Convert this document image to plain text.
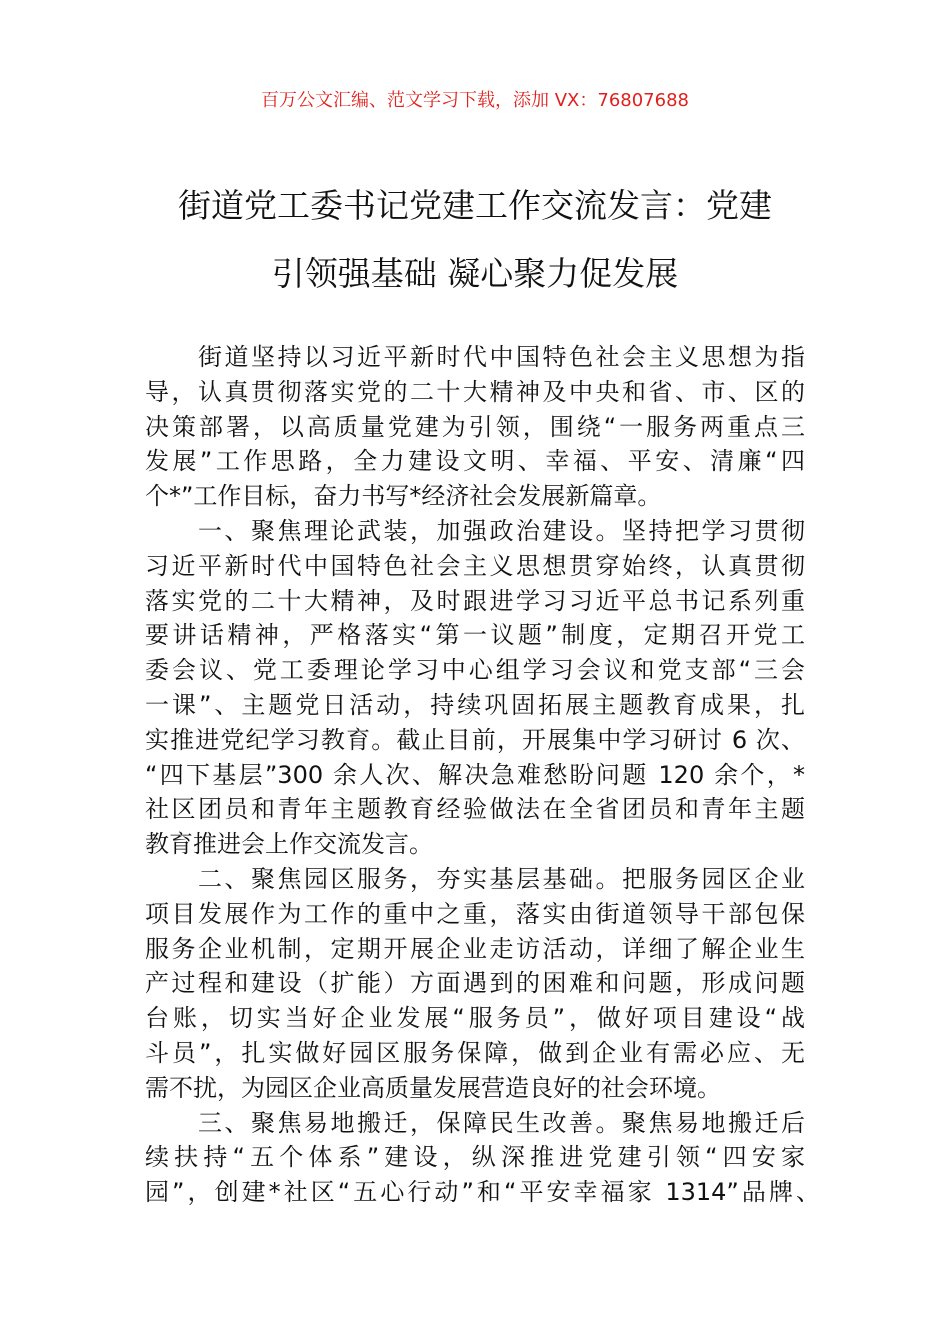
百万公文汇编、范文学习下载，添加 VX：76807688
街道党工委书记党建工作交流发言：党建
引领强基础 凝心聚力促发展
　　街道坚持以习近平新时代中国特色社会主义思想为指
导，认真贯彻落实党的二十大精神及中央和省、市、区的
决策部署，以高质量党建为引领，围绕“一服务两重点三
发展”工作思路，全力建设文明、幸福、平安、清廉“四
个*”工作目标，奋力书写*经济社会发展新篇章。
　　一、聚焦理论武装，加强政治建设。坚持把学习贯彻
习近平新时代中国特色社会主义思想贯穿始终，认真贯彻
落实党的二十大精神，及时跟进学习习近平总书记系列重
要讲话精神，严格落实“第一议题”制度，定期召开党工
委会议、党工委理论学习中心组学习会议和党支部“三会
一课”、主题党日活动，持续巩固拓展主题教育成果，扎
实推进党纪学习教育。截止目前，开展集中学习研讨 6 次、
“四下基层”300 余人次、解决急难愁盼问题 120 余个，*
社区团员和青年主题教育经验做法在全省团员和青年主题
教育推进会上作交流发言。
　　二、聚焦园区服务，夯实基层基础。把服务园区企业
项目发展作为工作的重中之重，落实由街道领导干部包保
服务企业机制，定期开展企业走访活动，详细了解企业生
产过程和建设（扩能）方面遇到的困难和问题，形成问题
台账，切实当好企业发展“服务员”，做好项目建设“战
斗员”，扎实做好园区服务保障，做到企业有需必应、无
需不扰，为园区企业高质量发展营造良好的社会环境。
　　三、聚焦易地搬迁，保障民生改善。聚焦易地搬迁后
续扶持“五个体系”建设，纵深推进党建引领“四安家
园”，创建*社区“五心行动”和“平安幸福家 1314”品牌、
